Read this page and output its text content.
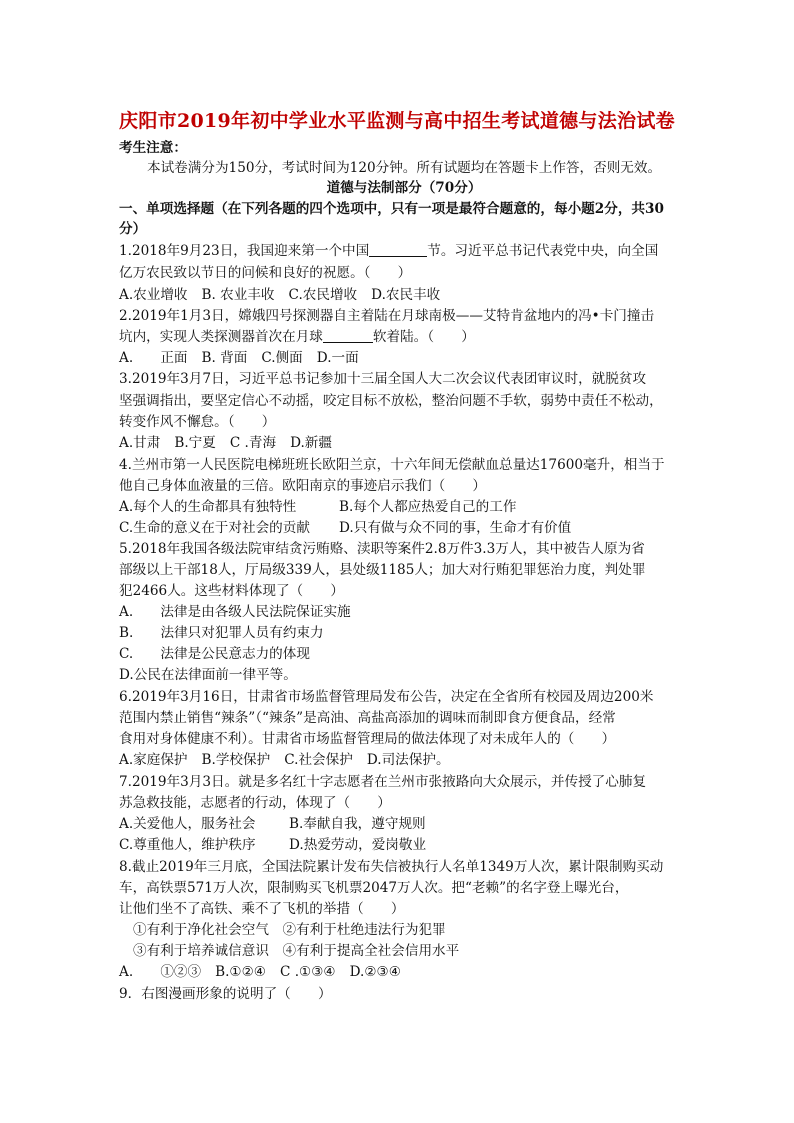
庆阳市2019年初中学业水平监测与高中招生考试道德与法治试卷
考生注意：
本试卷满分为150分，考试时间为120分钟。所有试题均在答题卡上作答，否则无效。
道德与法制部分（70分）
一、单项选择题（在下列各题的四个选项中，只有一项是最符合题意的，每小题2分，共30
分）
1.2018年9月23日，我国迎来第一个中国	节。习近平总书记代表党中央，向全国
亿万农民致以节日的问候和良好的祝愿。（　　）
A.农业增收 B. 农业丰收 C.农民增收 D.农民丰收
2.2019年1月3日，嫦娥四号探测器自主着陆在月球南极——艾特肯盆地内的冯•卡门撞击
坑内，实现人类探测器首次在月球	软着陆。（　　）
A.　　正面 B. 背面 C.侧面 D.一面
3.2019年3月7日，习近平总书记参加十三届全国人大二次会议代表团审议时，就脱贫攻
坚强调指出，要坚定信心不动摇，咬定目标不放松，整治问题不手软，弱势中责任不松动，
转变作风不懈怠。（　　）
A.甘肃 B.宁夏 C .青海 D.新疆
4.兰州市第一人民医院电梯班班长欧阳兰京，十六年间无偿献血总量达17600毫升，相当于
他自己身体血液量的三倍。欧阳南京的事迹启示我们（　　）
A.每个人的生命都具有独特性	B.每个人都应热爱自己的工作
C.生命的意义在于对社会的贡献 D.只有做与众不同的事，生命才有价值
5.2018年我国各级法院审结贪污贿赂、渎职等案件2.8万件3.3万人，其中被告人原为省
部级以上干部18人，厅局级339人，县处级1185人；加大对行贿犯罪惩治力度，判处罪
犯2466人。这些材料体现了（　　）
A.　　法律是由各级人民法院保证实施
B.　　法律只对犯罪人员有约束力
C.　　法律是公民意志力的体现
D.公民在法律面前一律平等。
6.2019年3月16日，甘肃省市场监督管理局发布公告，决定在全省所有校园及周边200米
范围内禁止销售“辣条”（“辣条”是高油、高盐高添加的调味而制即食方便食品，经常
食用对身体健康不利）。甘肃省市场监督管理局的做法体现了对未成年人的（　　）
A.家庭保护 B.学校保护 C.社会保护 D.司法保护。
7.2019年3月3日。就是多名红十字志愿者在兰州市张掖路向大众展示，并传授了心肺复
苏急救技能，志愿者的行动，体现了（　　）
A.关爱他人，服务社会 B.奉献自我，遵守规则
C.尊重他人，维护秩序 D.热爱劳动，爱岗敬业
8.截止2019年三月底，全国法院累计发布失信被执行人名单1349万人次，累计限制购买动
车，高铁票571万人次，限制购买飞机票2047万人次。把“老赖”的名字登上曝光台，
让他们坐不了高铁、乘不了飞机的举措（　　）
①有利于净化社会空气　②有利于杜绝违法行为犯罪
③有利于培养诚信意识　④有利于提高全社会信用水平
A.　　①②③ B.①②④ C .①③④ D.②③④
9．右图漫画形象的说明了（　　）
